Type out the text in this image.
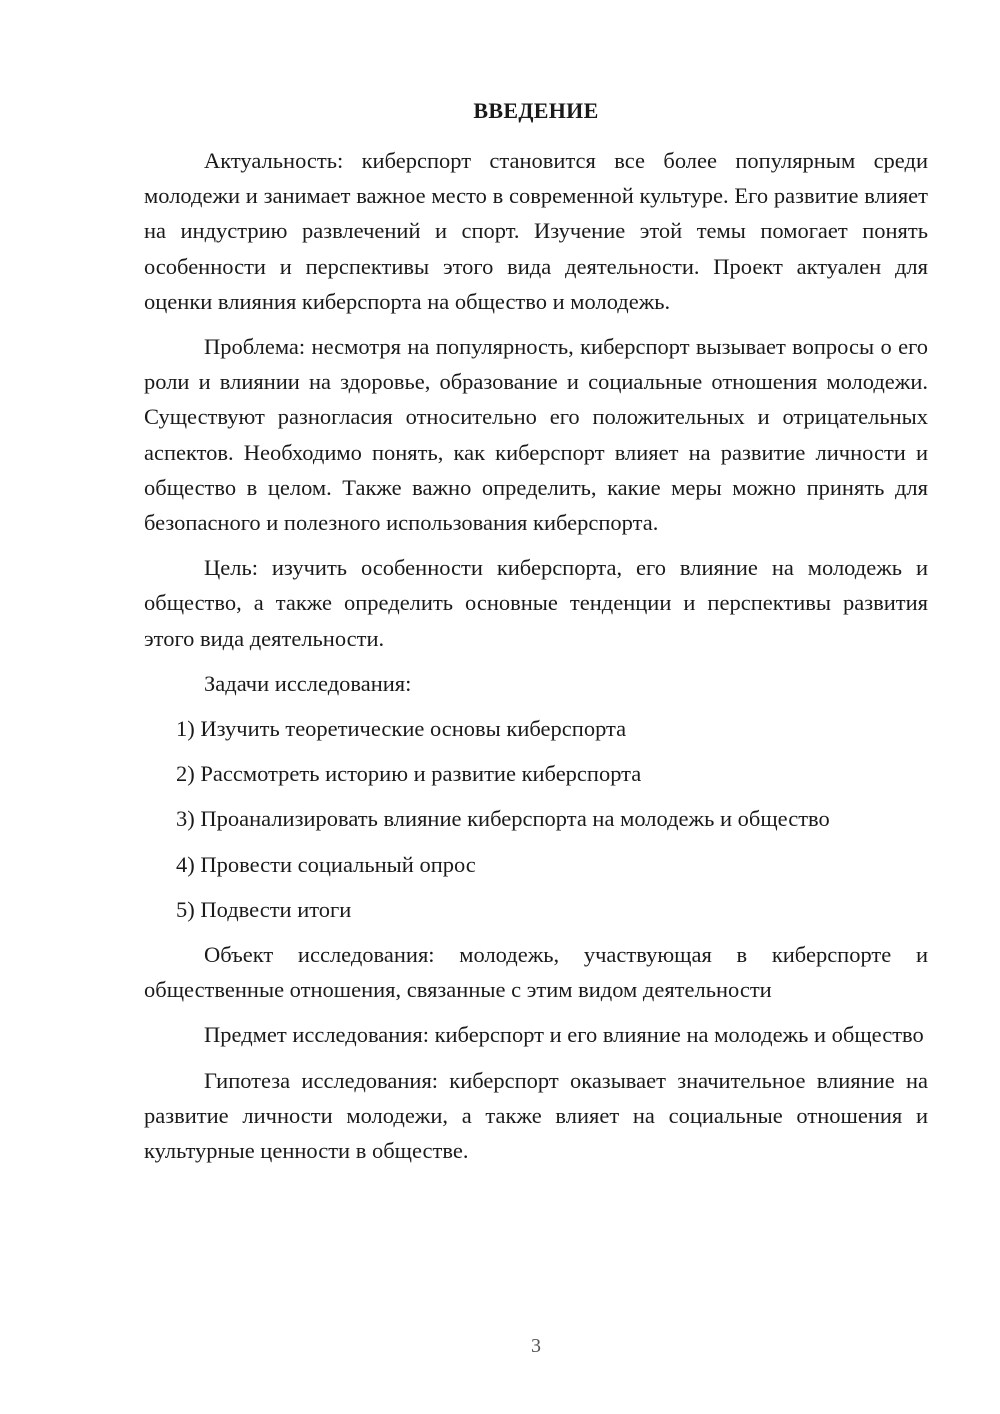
ВВЕДЕНИЕ

Актуальность: киберспорт становится все более популярным среди молодежи и занимает важное место в современной культуре. Его развитие влияет на индустрию развлечений и спорт. Изучение этой темы помогает понять особенности и перспективы этого вида деятельности. Проект актуален для оценки влияния киберспорта на общество и молодежь.

Проблема: несмотря на популярность, киберспорт вызывает вопросы о его роли и влиянии на здоровье, образование и социальные отношения молодежи. Существуют разногласия относительно его положительных и отрицательных аспектов. Необходимо понять, как киберспорт влияет на развитие личности и общество в целом. Также важно определить, какие меры можно принять для безопасного и полезного использования киберспорта.

Цель: изучить особенности киберспорта, его влияние на молодежь и общество, а также определить основные тенденции и перспективы развития этого вида деятельности.

Задачи исследования:

1) Изучить теоретические основы киберспорта
2) Рассмотреть историю и развитие киберспорта
3) Проанализировать влияние киберспорта на молодежь и общество
4) Провести социальный опрос
5) Подвести итоги

Объект исследования: молодежь, участвующая в киберспорте и общественные отношения, связанные с этим видом деятельности

Предмет исследования: киберспорт и его влияние на молодежь и общество

Гипотеза исследования: киберспорт оказывает значительное влияние на развитие личности молодежи, а также влияет на социальные отношения и культурные ценности в обществе.

3
